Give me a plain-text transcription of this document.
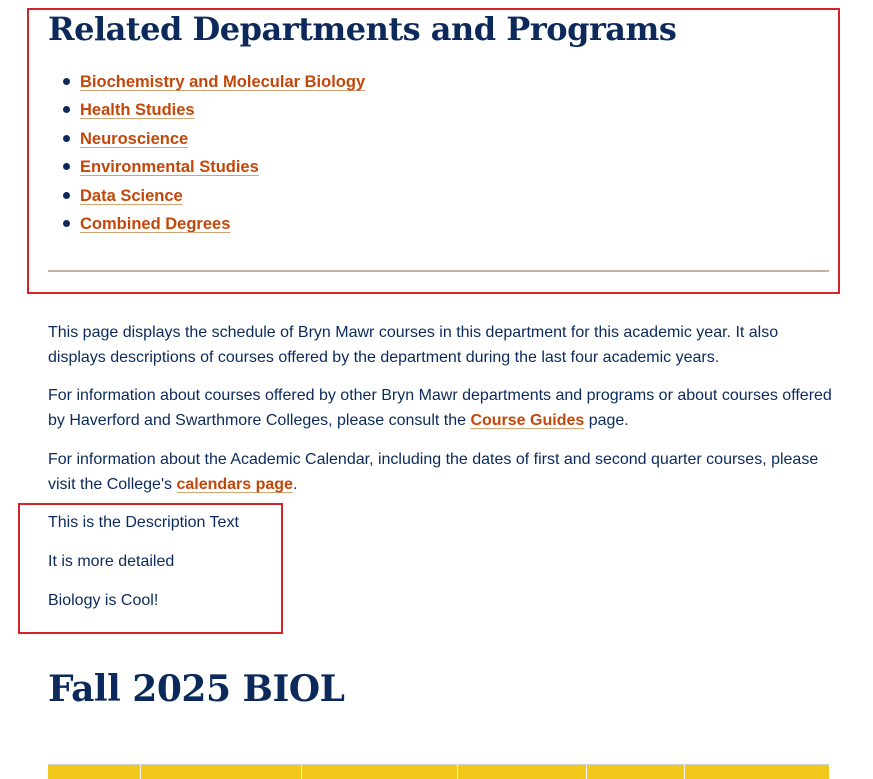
Related Departments and Programs
Biochemistry and Molecular Biology
Health Studies
Neuroscience
Environmental Studies
Data Science
Combined Degrees

This page displays the schedule of Bryn Mawr courses in this department for this academic year. It also displays descriptions of courses offered by the department during the last four academic years.

For information about courses offered by other Bryn Mawr departments and programs or about courses offered by Haverford and Swarthmore Colleges, please consult the Course Guides page.

For information about the Academic Calendar, including the dates of first and second quarter courses, please visit the College's calendars page.

This is the Description Text

It is more detailed

Biology is Cool!

Fall 2025 BIOL
